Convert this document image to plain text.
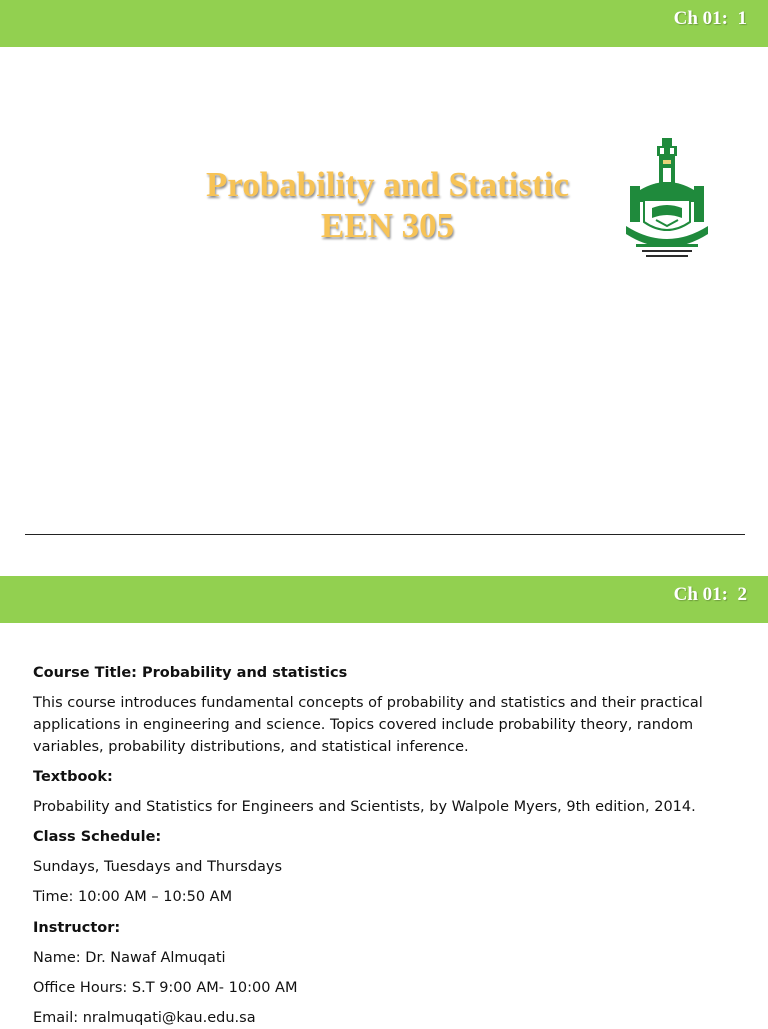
Ch 01:  1
Probability and Statistic
EEN 305
Ch 01:  2

Course Title: Probability and statistics

This course introduces fundamental concepts of probability and statistics and their practical applications in engineering and science. Topics covered include probability theory, random variables, probability distributions, and statistical inference.

Textbook:

Probability and Statistics for Engineers and Scientists, by Walpole Myers, 9th edition, 2014.

Class Schedule:

Sundays, Tuesdays and Thursdays

Time: 10:00 AM – 10:50 AM

Instructor:

Name: Dr. Nawaf Almuqati

Office Hours: S.T 9:00 AM- 10:00 AM

Email: nralmuqati@kau.edu.sa
